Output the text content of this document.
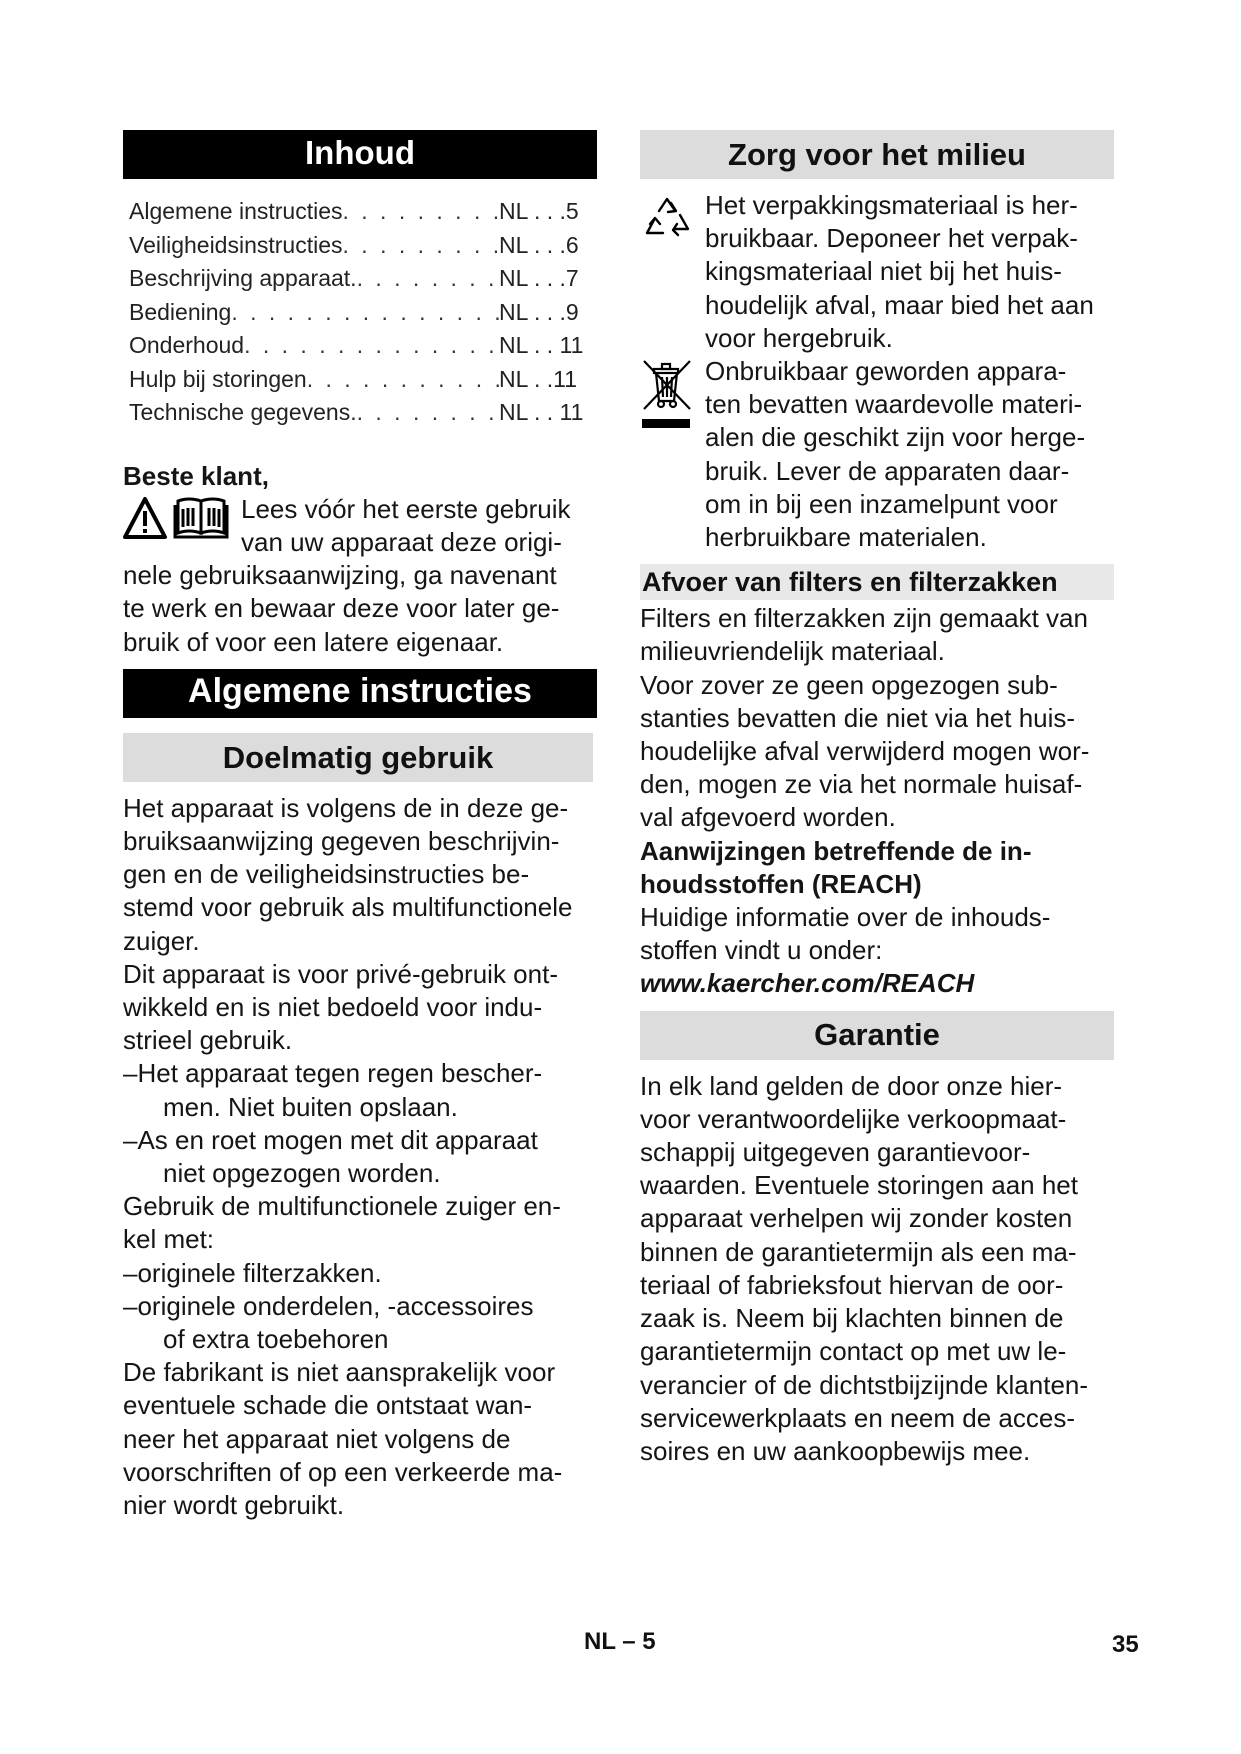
Inhoud
Algemene instructies . . .	NL . . .5
Veiligheidsinstructies . . .	NL . . .6
Beschrijving apparaat. . . .	NL . . .7
Bediening . . .	NL . . .9
Onderhoud . . .	NL . . 11
Hulp bij storingen . . .	NL . .11
Technische gegevens. . . .	NL . . 11

Beste klant,

Lees vóór het eerste gebruik

van uw apparaat deze origi-

nele gebruiksaanwijzing, ga navenant

te werk en bewaar deze voor later ge-

bruik of voor een latere eigenaar.

Algemene instructies
Doelmatig gebruik

Het apparaat is volgens de in deze ge-

bruiksaanwijzing gegeven beschrijvin-

gen en de veiligheidsinstructies be-

stemd voor gebruik als multifunctionele

zuiger.

Dit apparaat is voor privé-gebruik ont-

wikkeld en is niet bedoeld voor indu-

strieel gebruik.

–Het apparaat tegen regen bescher-

men. Niet buiten opslaan.

–As en roet mogen met dit apparaat

niet opgezogen worden.

Gebruik de multifunctionele zuiger en-

kel met:

–originele filterzakken.

–originele onderdelen, -accessoires

of extra toebehoren

De fabrikant is niet aansprakelijk voor

eventuele schade die ontstaat wan-

neer het apparaat niet volgens de

voorschriften of op een verkeerde ma-

nier wordt gebruikt.

Zorg voor het milieu

Het verpakkingsmateriaal is her-

bruikbaar. Deponeer het verpak-

kingsmateriaal niet bij het huis-

houdelijk afval, maar bied het aan

voor hergebruik.

Onbruikbaar geworden appara-

ten bevatten waardevolle materi-

alen die geschikt zijn voor herge-

bruik. Lever de apparaten daar-

om in bij een inzamelpunt voor

herbruikbare materialen.

Afvoer van filters en filterzakken

Filters en filterzakken zijn gemaakt van

milieuvriendelijk materiaal.

Voor zover ze geen opgezogen sub-

stanties bevatten die niet via het huis-

houdelijke afval verwijderd mogen wor-

den, mogen ze via het normale huisaf-

val afgevoerd worden.

Aanwijzingen betreffende de in-

houdsstoffen (REACH)

Huidige informatie over de inhouds-

stoffen vindt u onder:

www.kaercher.com/REACH

Garantie

In elk land gelden de door onze hier-

voor verantwoordelijke verkoopmaat-

schappij uitgegeven garantievoor-

waarden. Eventuele storingen aan het

apparaat verhelpen wij zonder kosten

binnen de garantietermijn als een ma-

teriaal of fabrieksfout hiervan de oor-

zaak is. Neem bij klachten binnen de

garantietermijn contact op met uw le-

verancier of de dichtstbijzijnde klanten-

servicewerkplaats en neem de acces-

soires en uw aankoopbewijs mee.

NL – 5	35
